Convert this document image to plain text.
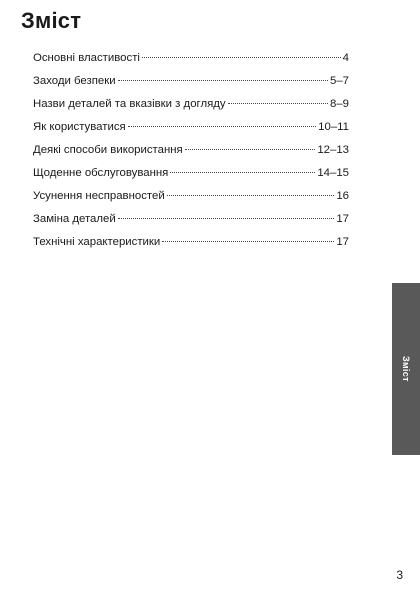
Зміст
Основні властивості	4
Заходи безпеки	5–7
Назви деталей та вказівки з догляду	8–9
Як користуватися	10–11
Деякі способи використання	12–13
Щоденне обслуговування	14–15
Усунення несправностей	16
Заміна деталей	17
Технічні характеристики	17
Зміст
3
